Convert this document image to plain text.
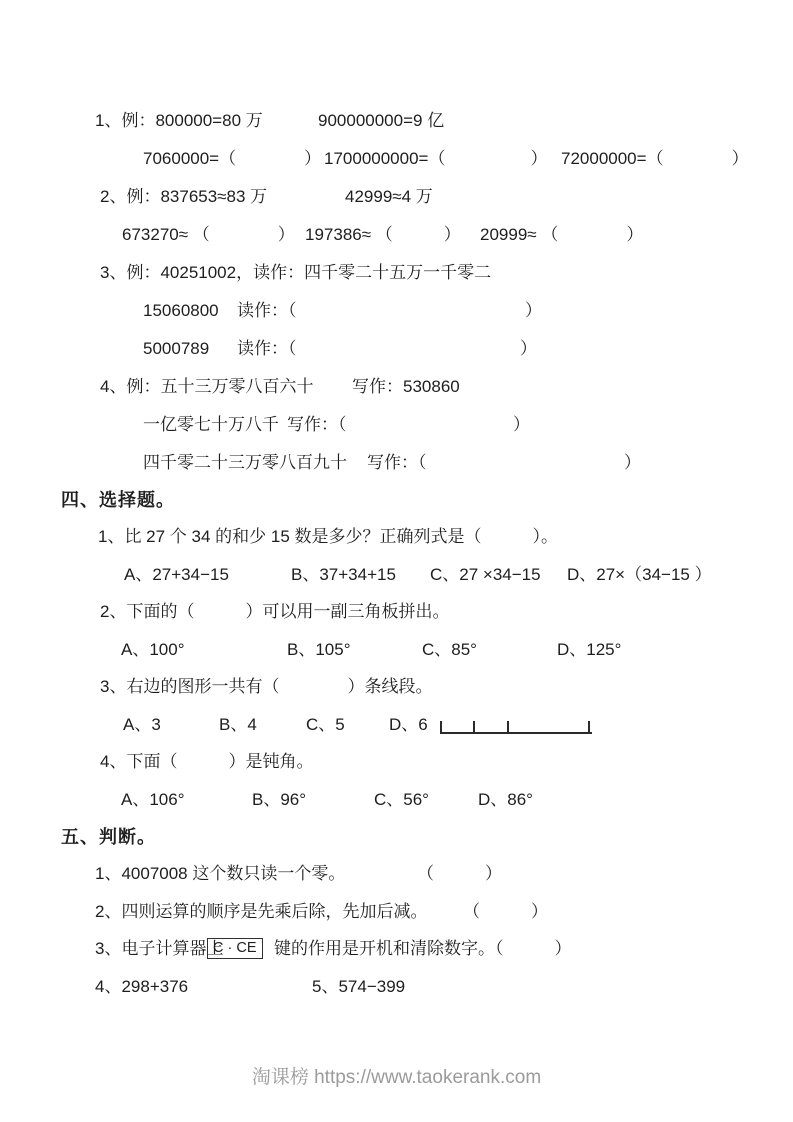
淘课榜 https://www.taokerank.com
1、例：800000=80 万	900000000=9 亿
7060000=（　　　　） 1700000000=（　　　　　） 72000000=（　　　　）
2、例：837653≈83 万	42999≈4 万
673270≈ （　　　　） 197386≈ （　　　） 20999≈ （　　　　）
3、例：40251002，读作：四千零二十五万一千零二
15060800 读作：（	）
5000789 读作：（	）
4、例：五十三万零八百六十 写作：530860
一亿零七十万八千 写作：（	）
四千零二十三万零八百九十 写作：（	）
四、选择题。
1、比 27 个 34 的和少 15 数是多少？正确列式是（　　　）。
A、27+34−15	B、37+34+15 C、27 ×34−15 D、27×（34−15 ）
2、下面的（　　　）可以用一副三角板拼出。
A、100°	B、105°	C、85°	D、125°
3、右边的图形一共有（　　　　）条线段。
A、3	B、4	C、5	D、6
4、下面（　　　）是钝角。
A、106°	B、96°	C、56°	D、86°
五、判断。
1、4007008 这个数只读一个零。	（　　　）
2、四则运算的顺序是先乘后除，先加后减。 （　　　）
3、电子计算器上
C · CE	键的作用是开机和清除数字。（　　　）
4、298+376	5、574−399
